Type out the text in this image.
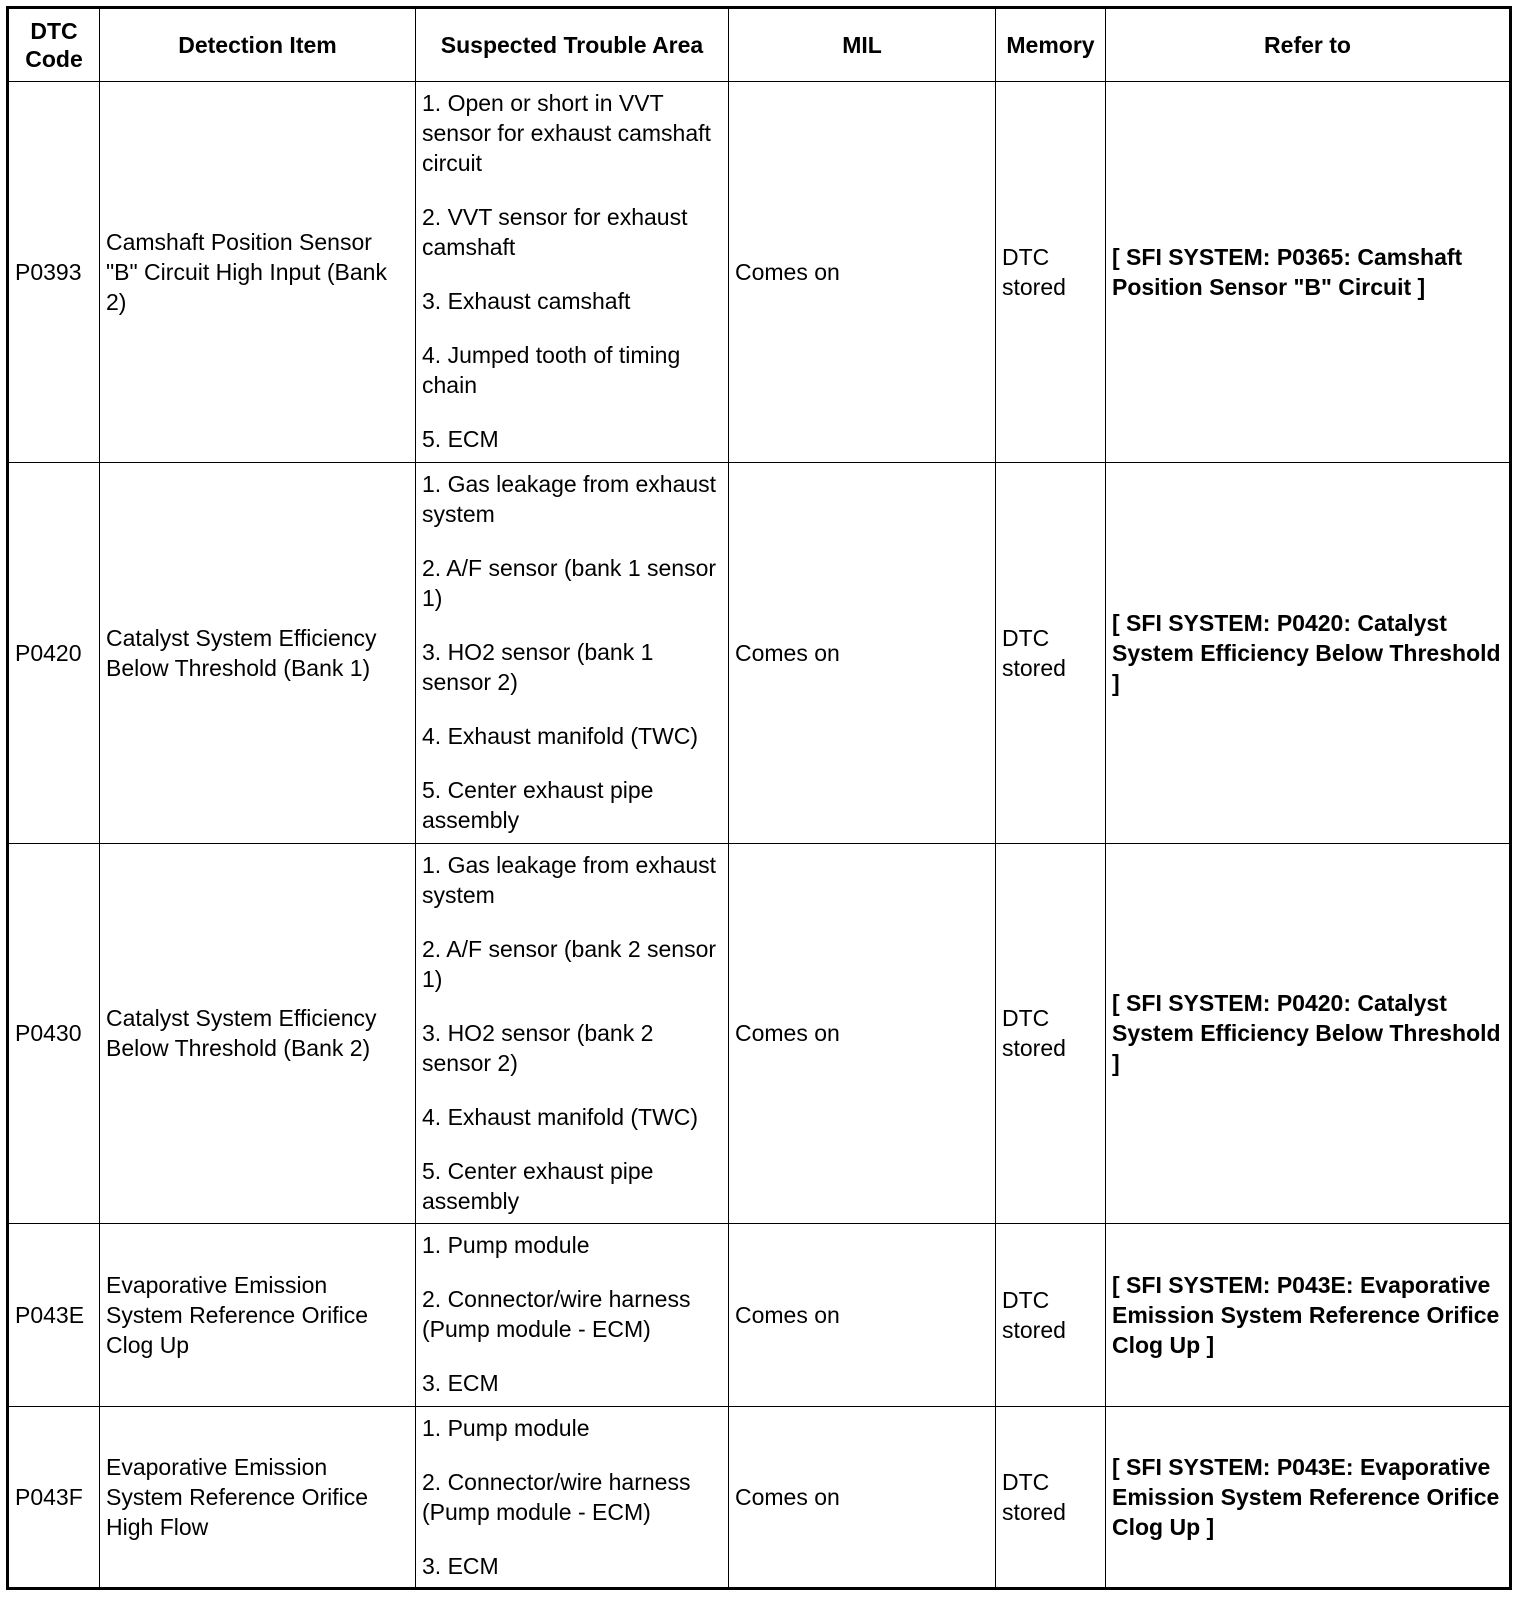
DTC Code	Detection Item	Suspected Trouble Area	MIL	Memory	Refer to
P0393	Camshaft Position Sensor "B" Circuit High Input (Bank 2)	1. Open or short in VVT sensor for exhaust camshaft circuit
2. VVT sensor for exhaust camshaft
3. Exhaust camshaft
4. Jumped tooth of timing chain
5. ECM	Comes on	DTC stored	[ SFI SYSTEM: P0365: Camshaft Position Sensor "B" Circuit ]
P0420	Catalyst System Efficiency Below Threshold (Bank 1)	1. Gas leakage from exhaust system
2. A/F sensor (bank 1 sensor 1)
3. HO2 sensor (bank 1 sensor 2)
4. Exhaust manifold (TWC)
5. Center exhaust pipe assembly	Comes on	DTC stored	[ SFI SYSTEM: P0420: Catalyst System Efficiency Below Threshold ]
P0430	Catalyst System Efficiency Below Threshold (Bank 2)	1. Gas leakage from exhaust system
2. A/F sensor (bank 2 sensor 1)
3. HO2 sensor (bank 2 sensor 2)
4. Exhaust manifold (TWC)
5. Center exhaust pipe assembly	Comes on	DTC stored	[ SFI SYSTEM: P0420: Catalyst System Efficiency Below Threshold ]
P043E	Evaporative Emission System Reference Orifice Clog Up	1. Pump module
2. Connector/wire harness (Pump module - ECM)
3. ECM	Comes on	DTC stored	[ SFI SYSTEM: P043E: Evaporative Emission System Reference Orifice Clog Up ]
P043F	Evaporative Emission System Reference Orifice High Flow	1. Pump module
2. Connector/wire harness (Pump module - ECM)
3. ECM	Comes on	DTC stored	[ SFI SYSTEM: P043E: Evaporative Emission System Reference Orifice Clog Up ]
